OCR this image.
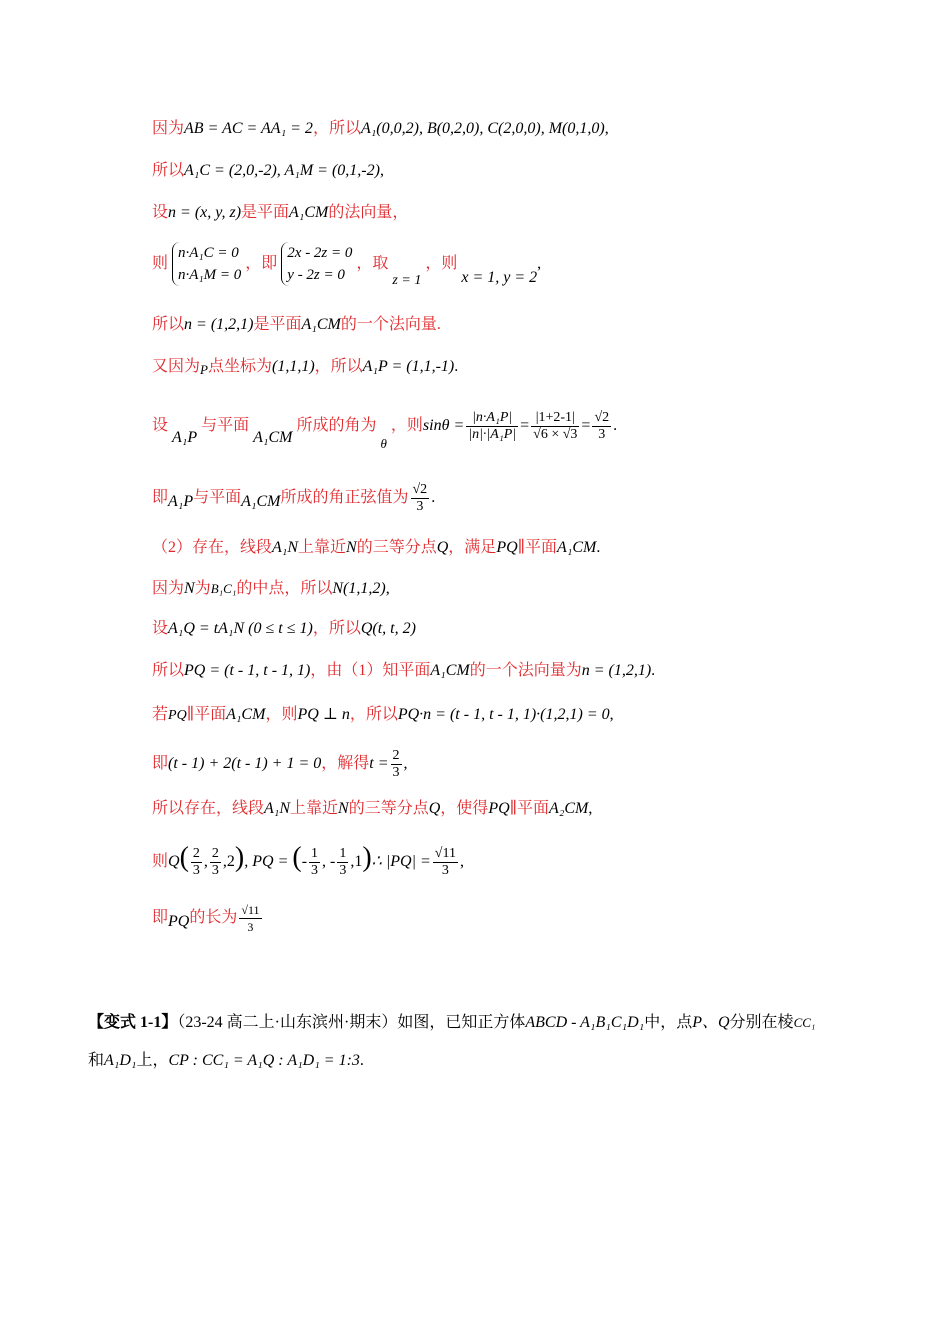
因为AB = AC = AA₁ = 2，所以A₁(0,0,2), B(0,2,0), C(2,0,0), M(0,1,0),
所以A₁C = (2,0,-2), A₁M = (0,1,-2),
设n = (x, y, z)是平面A₁CM的法向量，
则
n·A₁C = 0
n·A₁M = 0
，即
2x - 2z = 0
y - 2z = 0
，取 z = 1 ，则 x = 1, y = 2,
所以n = (1,2,1)是平面A₁CM的一个法向量.
又因为P点坐标为(1,1,1)，所以A₁P = (1,1,-1).
设 A₁P 与平面 A₁CM 所成的角为 $_\theta$ ，则$\sin\theta = \frac{\text{|n·A₁P|}}{\text{|n|·|A₁P|}} = \frac{|1+2-1|}{√6 \times √3} = \frac{√2}{3}$ .
即A₁P与平面A₁CM所成的角正弦值为 $\frac{√2}{3}$ .
（2）存在，线段A₁N上靠近N的三等分点Q，满足PQ∥平面A₁CM.
因为N为B₁C₁的中点，所以N(1,1,2),
设A₁Q = tA₁N (0 ≤ t ≤ 1)，所以Q(t, t, 2)
所以PQ = (t - 1, t - 1, 1)，由（1）知平面A₁CM的一个法向量为n = (1,2,1).
若PQ∥平面A₁CM，则PQ ⊥ n，所以PQ·n = (t - 1, t - 1, 1)·(1,2,1) = 0,
即(t - 1) + 2(t - 1) + 1 = 0，解得$t = \frac{2}{3}$ ,
所以存在，线段A₁N上靠近N的三等分点Q，使得PQ∥平面A₂CM,
则$Q( \frac{2}{3}$ , $\frac{2}{3} ,2$), PQ = (- $\frac{1}{3}$ , - $\frac{1}{3}$ ,1)∴ $|PQ| = \frac{√11}{3}$ ,
即PQ的长为 $\frac{√11}{3}$
【变式 1-1】（23-24 高二上·山东滨州·期末）如图，已知正方体ABCD - A₁B₁C₁D₁中，点P、Q分别在棱CC₁
和A₁D₁上，CP : CC₁ = A₁Q : A₁D₁ = 1:3.
